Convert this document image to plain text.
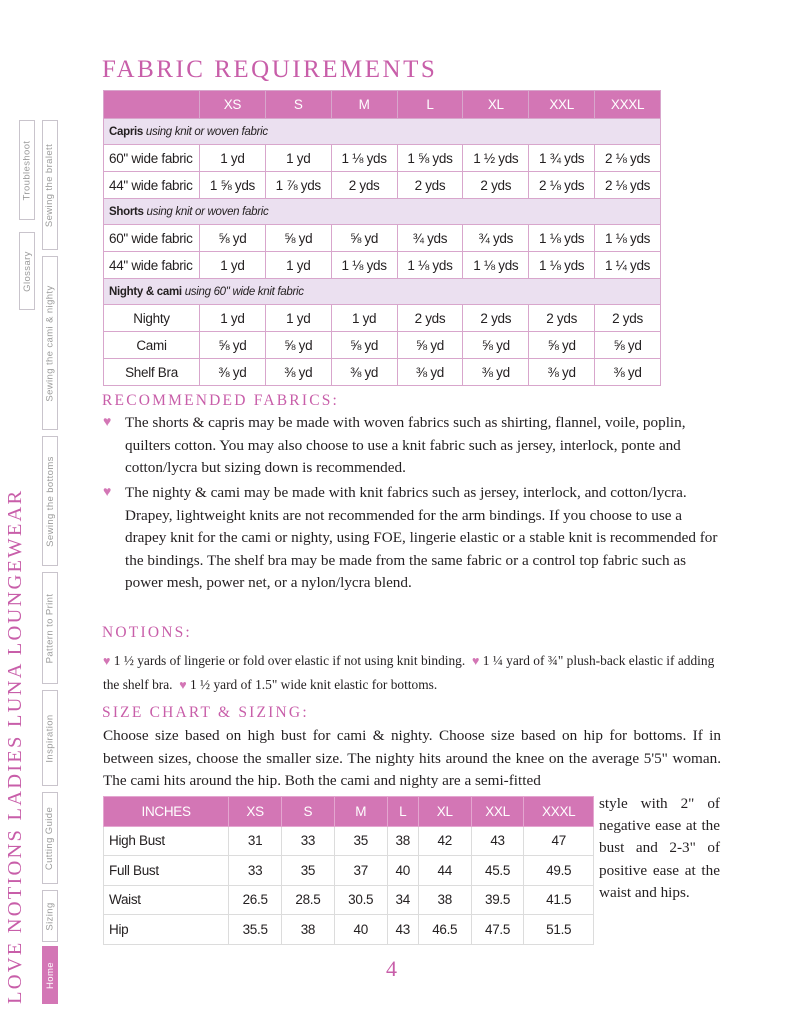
LOVE NOTIONS LADIES LUNA LOUNGEWEAR
Troubleshoot
Glossary
Sewing the bralett
Sewing the cami & nighty
Sewing the bottoms
Pattern to Print
Inspiration
Cutting Guide
Sizing
Home
FABRIC REQUIREMENTS
	XS	S	M	L	XL	XXL	XXXL
Capris using knit or woven fabric							
60" wide fabric	1 yd	1 yd	1 ⅛ yds	1 ⅝ yds	1 ½ yds	1 ¾ yds	2 ⅛ yds
44" wide fabric	1 ⅝ yds	1 ⅞ yds	2 yds	2 yds	2 yds	2 ⅛ yds	2 ⅛ yds
Shorts using knit or woven fabric							
60" wide fabric	⅝ yd	⅝ yd	⅝ yd	¾ yds	¾ yds	1 ⅛ yds	1 ⅛ yds
44" wide fabric	1 yd	1 yd	1 ⅛ yds	1 ⅛ yds	1 ⅛ yds	1 ⅛ yds	1 ¼ yds
Nighty & cami using 60" wide knit fabric							
Nighty	1 yd	1 yd	1 yd	2 yds	2 yds	2 yds	2 yds
Cami	⅝ yd	⅝ yd	⅝ yd	⅝ yd	⅝ yd	⅝ yd	⅝ yd
Shelf Bra	⅜ yd	⅜ yd	⅜ yd	⅜ yd	⅜ yd	⅜ yd	⅜ yd
RECOMMENDED FABRICS:
♥ The shorts & capris may be made with woven fabrics such as shirting, flannel, voile, poplin, quilters cotton. You may also choose to use a knit fabric such as jersey, interlock, ponte and cotton/lycra but sizing down is recommended.
♥ The nighty & cami may be made with knit fabrics such as jersey, interlock, and cotton/lycra. Drapey, lightweight knits are not recommended for the arm bindings. If you choose to use a drapey knit for the cami or nighty, using FOE, lingerie elastic or a stable knit is recommended for the bindings. The shelf bra may be made from the same fabric or a control top fabric such as power mesh, power net, or a nylon/lycra blend.
NOTIONS:
♥ 1 ½ yards of lingerie or fold over elastic if not using knit binding. ♥ 1 ¼ yard of ¾" plush-back elastic if adding the shelf bra. ♥ 1 ½ yard of 1.5" wide knit elastic for bottoms.
SIZE CHART & SIZING:
Choose size based on high bust for cami & nighty. Choose size based on hip for bottoms. If in between sizes, choose the smaller size. The nighty hits around the knee on the average 5'5" woman. The cami hits around the hip. Both the cami and nighty are a semi-fitted
INCHES	XS	S	M	L	XL	XXL	XXXL
High Bust	31	33	35	38	42	43	47
Full Bust	33	35	37	40	44	45.5	49.5
Waist	26.5	28.5	30.5	34	38	39.5	41.5
Hip	35.5	38	40	43	46.5	47.5	51.5
style with 2" of negative ease at the bust and 2-3" of positive ease at the waist and hips.
4
